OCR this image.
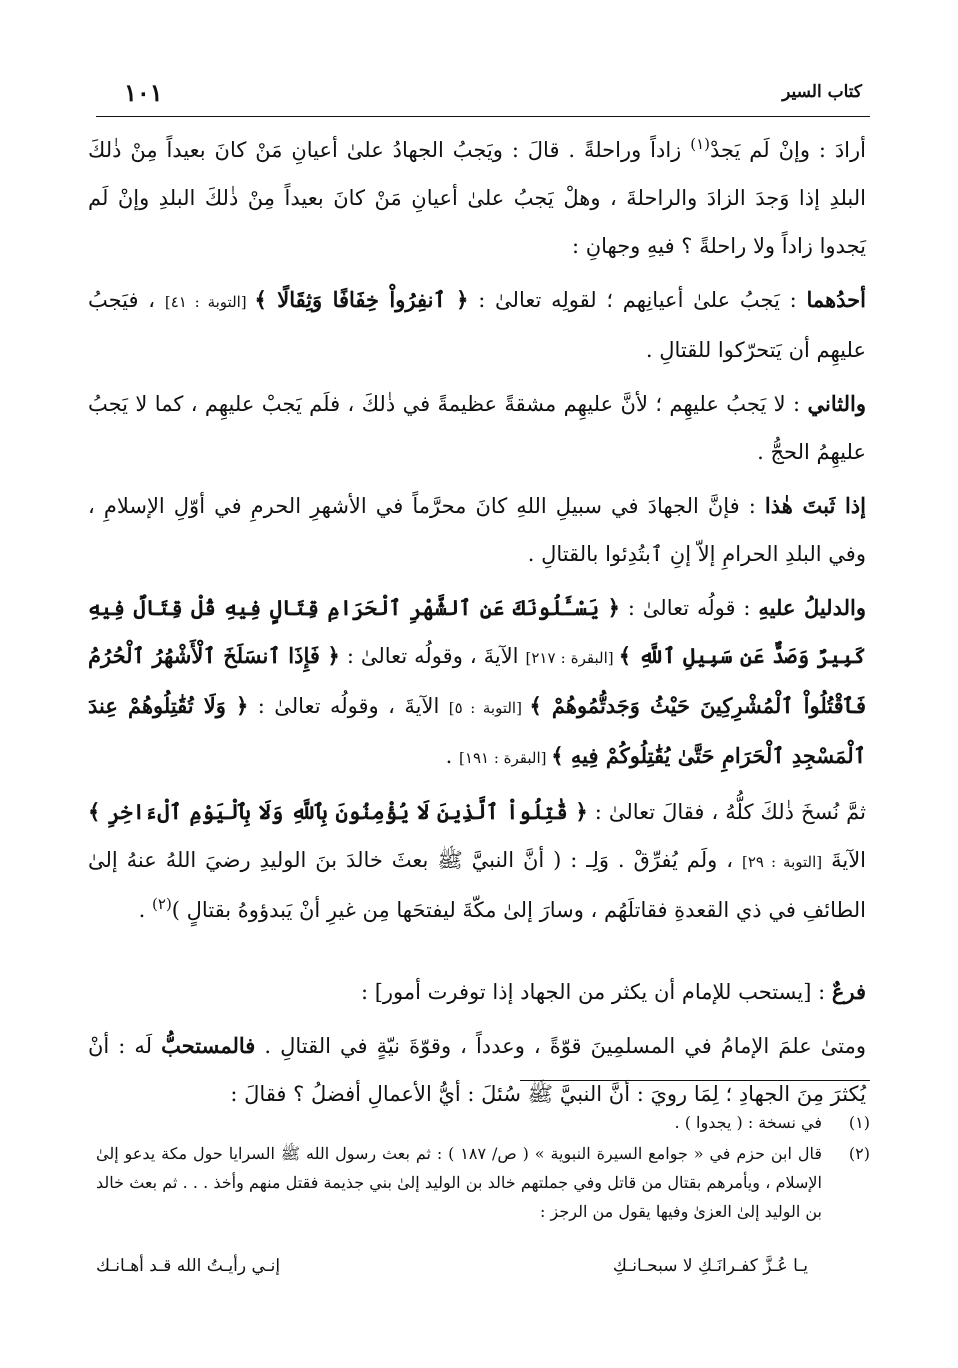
كتاب السير
١٠١

أرادَ : وإنْ لَم يَجدْ$^{(١)}$ زاداً وراحلةً . قالَ : ويَجبُ الجهادُ علىٰ أعيانِ مَنْ كانَ بعيداً مِنْ ذٰلكَ البلدِ إذا وَجدَ الزادَ والراحلةَ ، وهلْ يَجبُ علىٰ أعيانِ مَنْ كانَ بعيداً مِنْ ذٰلكَ البلدِ وإنْ لَم يَجدوا زاداً ولا راحلةً ؟ فيهِ وجهانِ :

أحدُهما : يَجبُ علىٰ أعيانِهم ؛ لقولِه تعالىٰ : ﴿ ٱنفِرُواْ خِفَافًا وَثِقَالًا ﴾ [التوبة : ٤١] ، فيَجبُ عليهِم أن يَتحرّكوا للقتالِ .

والثاني : لا يَجبُ عليهِم ؛ لأنَّ عليهِم مشقةً عظيمةً في ذٰلكَ ، فلَم يَجبْ عليهِم ، كما لا يَجبُ عليهِمُ الحجُّ .

إذا ثَبتَ هٰذا : فإنَّ الجهادَ في سبيلِ اللهِ كانَ محرَّماً في الأشهرِ الحرمِ في أوّلِ الإسلامِ ، وفي البلدِ الحرامِ إلاّ إنِ ٱبتُدِئوا بالقتالِ .

والدليلُ عليهِ : قولُه تعالىٰ : ﴿ يَسْـَٔلُونَكَ عَنِ ٱلشَّهْرِ ٱلْحَرَامِ قِتَالٍ فِيهِ قُلْ قِتَالٌ فِيهِ كَبِيرٌ وَصَدٌّ عَن سَبِيلِ ٱللَّهِ ﴾ [البقرة : ٢١٧] الآيةَ ، وقولُه تعالىٰ : ﴿ فَإِذَا ٱنسَلَخَ ٱلْأَشْهُرُ ٱلْحُرُمُ فَٱقْتُلُواْ ٱلْمُشْرِكِينَ حَيْثُ وَجَدتُّمُوهُمْ ﴾ [التوبة : ٥] الآيةَ ، وقولُه تعالىٰ : ﴿ وَلَا تُقَٰتِلُوهُمْ عِندَ ٱلْمَسْجِدِ ٱلْحَرَامِ حَتَّىٰ يُقَٰتِلُوكُمْ فِيهِ ﴾ [البقرة : ١٩١] .

ثمَّ نُسخَ ذٰلكَ كلُّهُ ، فقالَ تعالىٰ : ﴿ قَٰتِلُواْ ٱلَّذِينَ لَا يُؤْمِنُونَ بِٱللَّهِ وَلَا بِٱلْيَوْمِ ٱلْءَاخِرِ ﴾ الآيةَ [التوبة : ٢٩] ، ولَم يُفرِّقْ . وَلِـ : ( أنَّ النبيَّ ﷺ بعثَ خالدَ بنَ الوليدِ رضيَ اللهُ عنهُ إلىٰ الطائفِ في ذي القعدةِ فقاتلَهُم ، وسارَ إلىٰ مكّةَ ليفتحَها مِن غيرِ أنْ يَبدؤوهُ بقتالٍ )$^{(٢)}$ .

فرعٌ : [يستحب للإمام أن يكثر من الجهاد إذا توفرت أمور] :

ومتىٰ علمَ الإمامُ في المسلمِينَ قوّةً ، وعدداً ، وقوّةَ نيّةٍ في القتالِ . فالمستحبُّ لَه : أنْ يُكثرَ مِنَ الجهادِ ؛ لِمَا رويَ : أنَّ النبيَّ ﷺ سُئلَ : أيُّ الأعمالِ أفضلُ ؟ فقالَ :

(١)
في نسخة : ( يجدوا ) .
(٢)
قال ابن حزم في « جوامع السيرة النبوية » ( ص/ ١٨٧ ) : ثم بعث رسول الله ﷺ السرايا حول مكة يدعو إلىٰ الإسلام ، ويأمرهم بقتال من قاتل وفي جملتهم خالد بن الوليد إلىٰ بني جذيمة فقتل منهم وأخذ . . . ثم بعث خالد بن الوليد إلىٰ العزىٰ وفيها يقول من الرجز :
يـا عُـزَّ كفـرانَـكِ لا سبحـانـكِ
إنـي رأيـتُ الله قـد أهـانـك
